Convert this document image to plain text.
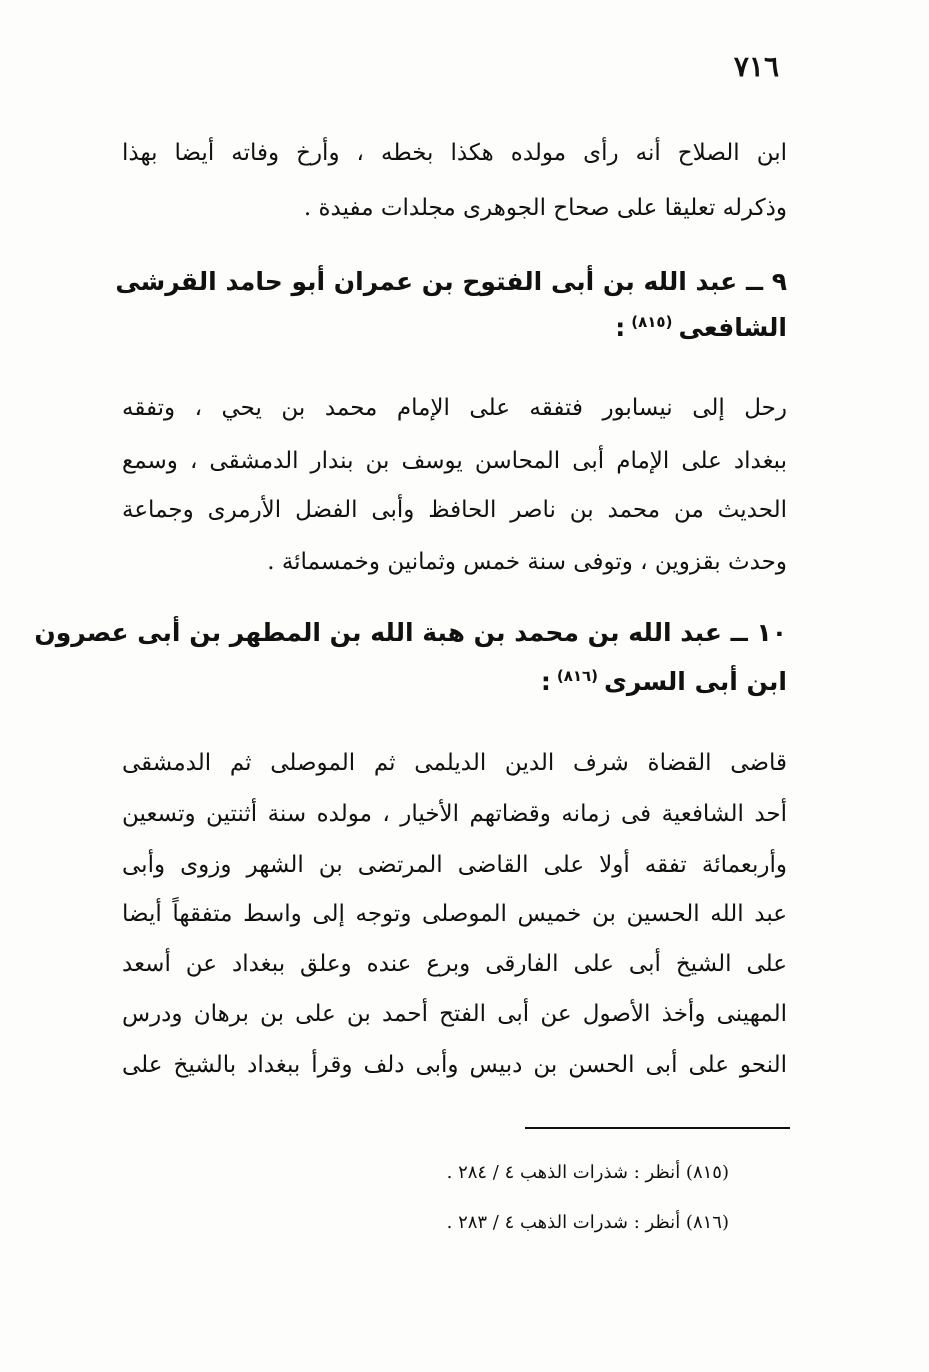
٧١٦
ابن الصلاح أنه رأى مولده هكذا بخطه ، وأرخ وفاته أيضا بهذا
وذكرله تعليقا على صحاح الجوهرى مجلدات مفيدة .
٩ ــ عبد الله بن أبى الفتوح بن عمران أبو حامد القرشى
الشافعى$^{(٨١٥)}$:
رحل إلى نيسابور فتفقه على الإمام محمد بن يحي ، وتفقه
ببغداد على الإمام أبى المحاسن يوسف بن بندار الدمشقى ، وسمع
الحديث من محمد بن ناصر الحافظ وأبى الفضل الأرمرى وجماعة
وحدث بقزوين ، وتوفى سنة خمس وثمانين وخمسمائة .
١٠ ــ عبد الله بن محمد بن هبة الله بن المطهر بن أبى عصرون
ابن أبى السرى$^{(٨١٦)}$:
قاضى القضاة شرف الدين الديلمى ثم الموصلى ثم الدمشقى
أحد الشافعية فى زمانه وقضاتهم الأخيار ، مولده سنة أثنتين وتسعين
وأربعمائة تفقه أولا على القاضى المرتضى بن الشهر وزوى وأبى
عبد الله الحسين بن خميس الموصلى وتوجه إلى واسط متفقهاً أيضا
على الشيخ أبى على الفارقى وبرع عنده وعلق ببغداد عن أسعد
المهينى وأخذ الأصول عن أبى الفتح أحمد بن على بن برهان ودرس
النحو على أبى الحسن بن دبيس وأبى دلف وقرأ ببغداد بالشيخ على
(٨١٥) أنظر : شذرات الذهب ٤ / ٢٨٤ .
(٨١٦) أنظر : شدرات الذهب ٤ / ٢٨٣ .
